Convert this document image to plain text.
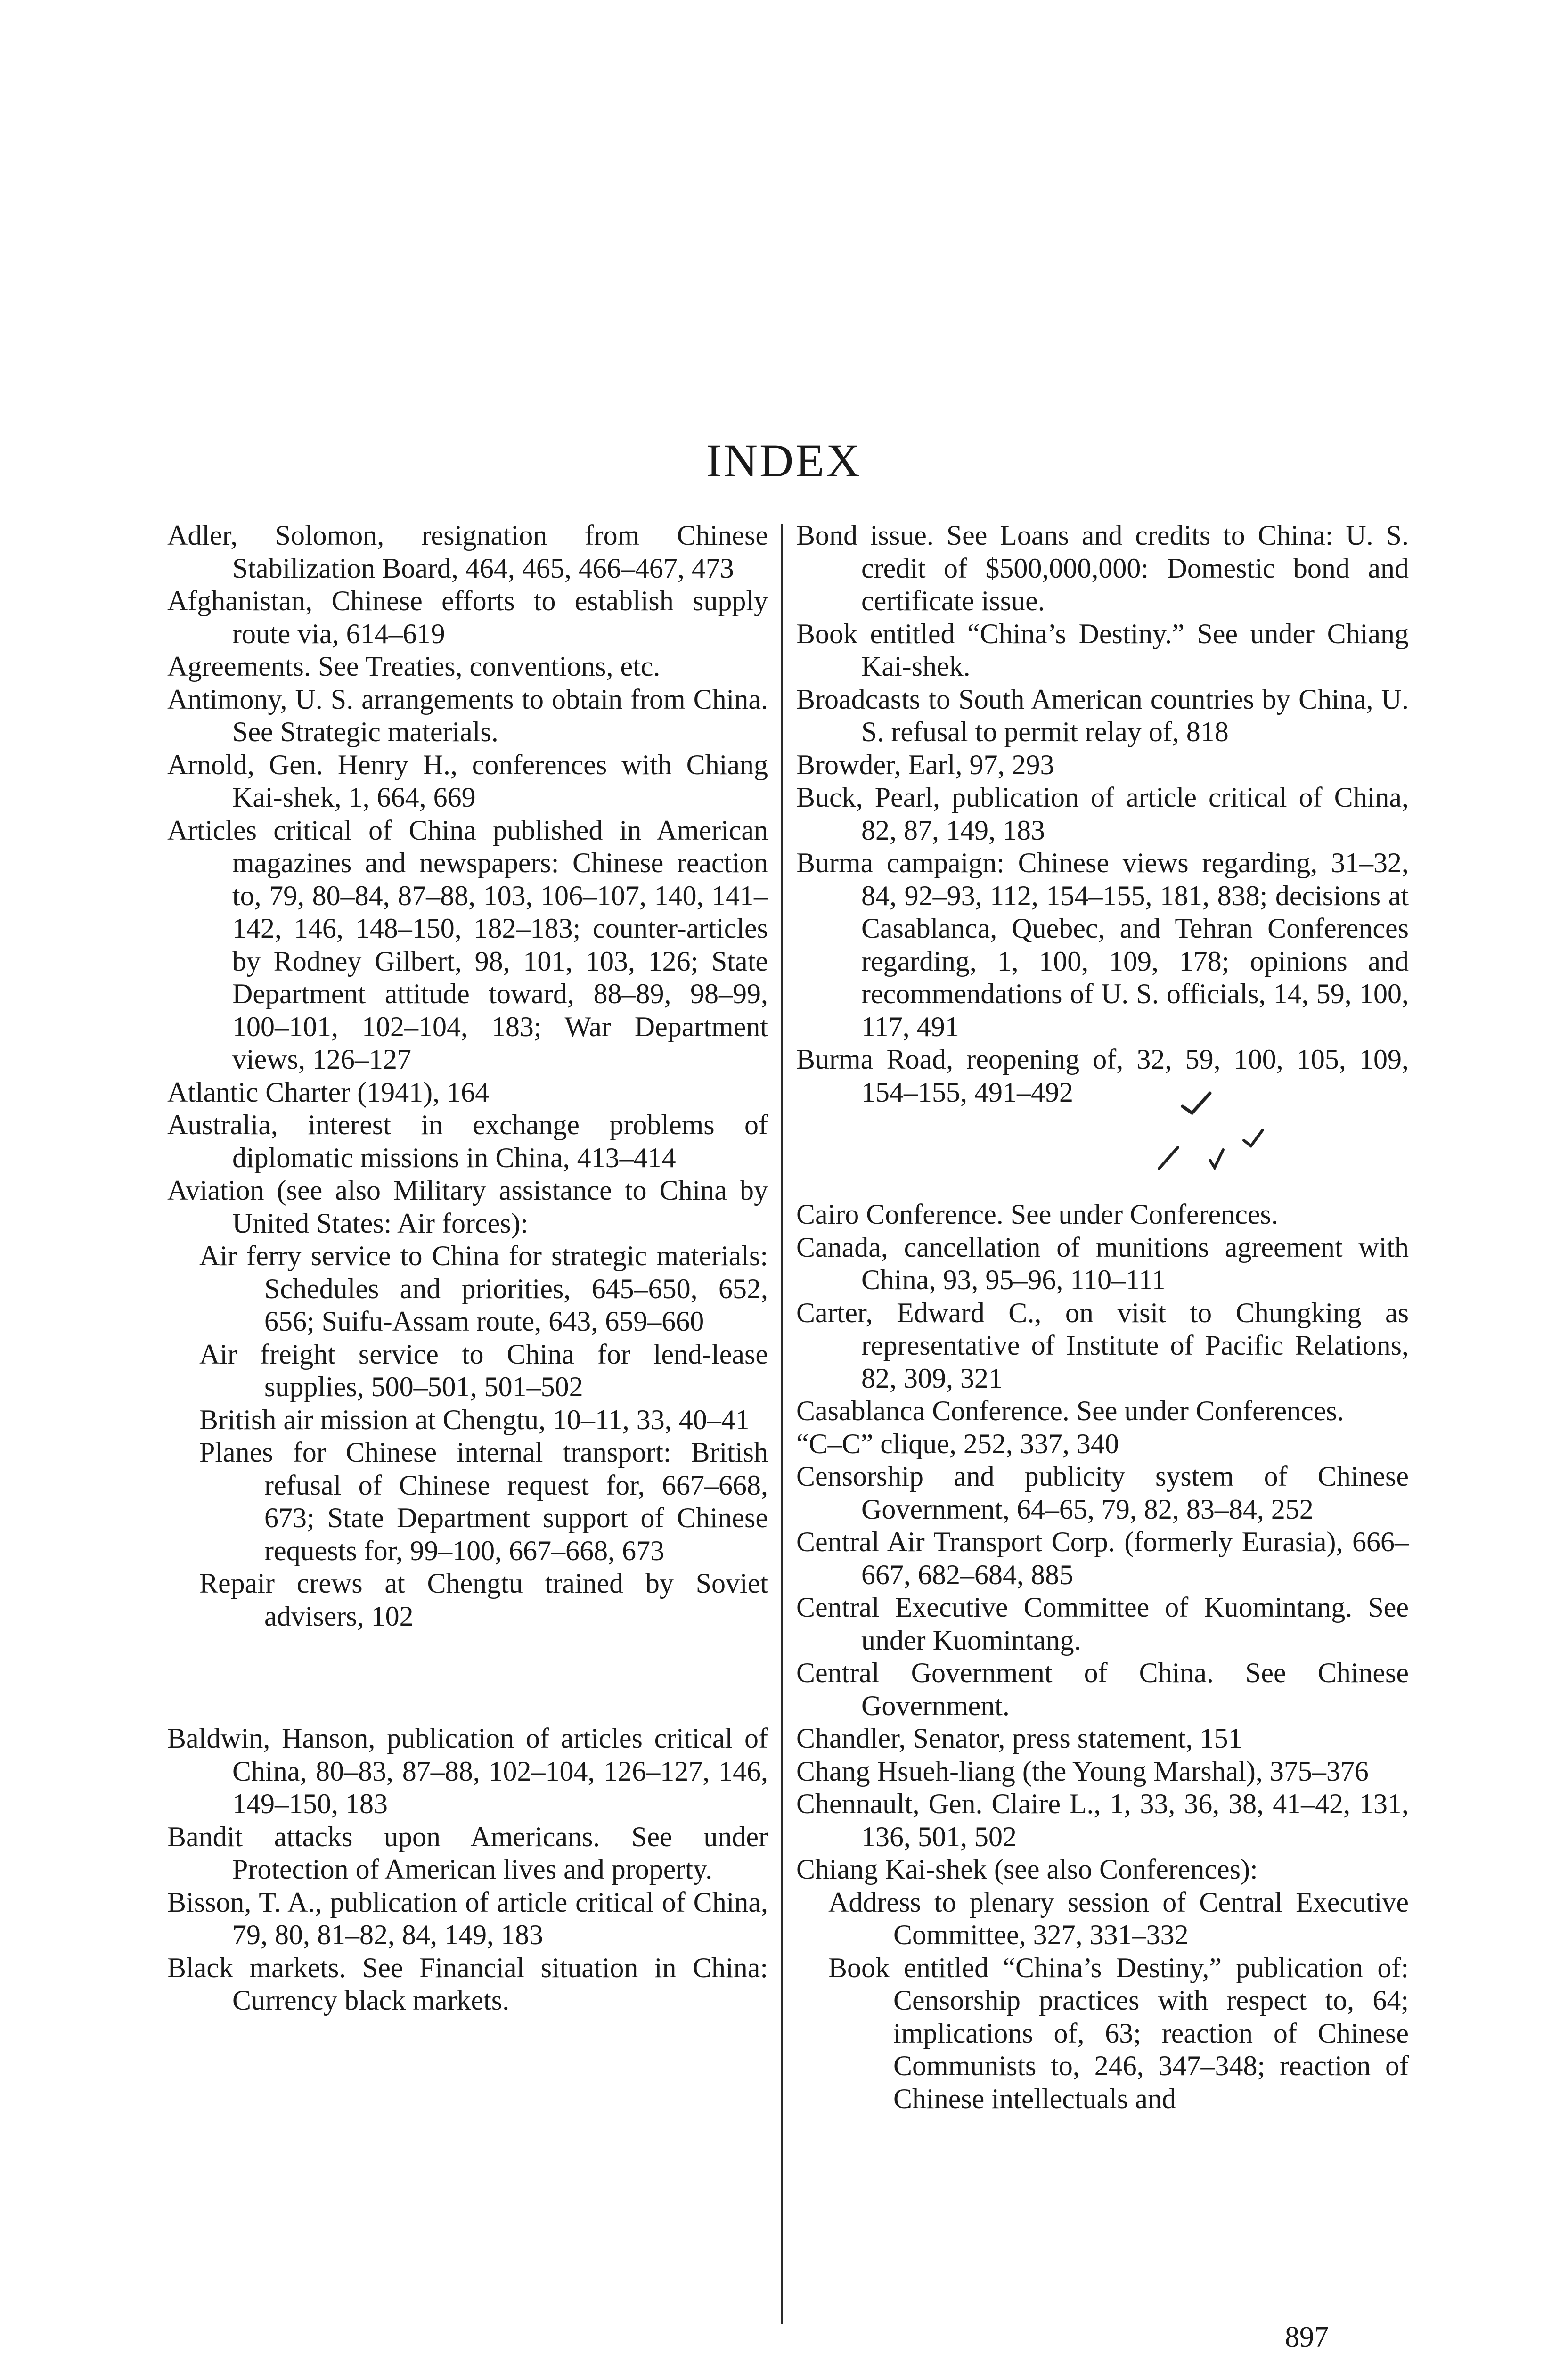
INDEX

Adler, Solomon, resignation from Chinese Stabilization Board, 464, 465, 466–467, 473

Afghanistan, Chinese efforts to establish supply route via, 614–619

Agreements. See Treaties, conventions, etc.

Antimony, U. S. arrangements to obtain from China. See Strategic materials.

Arnold, Gen. Henry H., conferences with Chiang Kai-shek, 1, 664, 669

Articles critical of China published in American magazines and newspapers: Chinese reaction to, 79, 80–84, 87–88, 103, 106–107, 140, 141–142, 146, 148–150, 182–183; counter-articles by Rodney Gilbert, 98, 101, 103, 126; State Department attitude toward, 88–89, 98–99, 100–101, 102–104, 183; War Department views, 126–127

Atlantic Charter (1941), 164

Australia, interest in exchange problems of diplomatic missions in China, 413–414

Aviation (see also Military assistance to China by United States: Air forces):

Air ferry service to China for strategic materials: Schedules and priorities, 645–650, 652, 656; Suifu-Assam route, 643, 659–660

Air freight service to China for lend-lease supplies, 500–501, 501–502

British air mission at Chengtu, 10–11, 33, 40–41

Planes for Chinese internal transport: British refusal of Chinese request for, 667–668, 673; State Department support of Chinese requests for, 99–100, 667–668, 673

Repair crews at Chengtu trained by Soviet advisers, 102

Baldwin, Hanson, publication of articles critical of China, 80–83, 87–88, 102–104, 126–127, 146, 149–150, 183

Bandit attacks upon Americans. See under Protection of American lives and property.

Bisson, T. A., publication of article critical of China, 79, 80, 81–82, 84, 149, 183

Black markets. See Financial situation in China: Currency black markets.

Bond issue. See Loans and credits to China: U. S. credit of $500,000,000: Domestic bond and certificate issue.

Book entitled “China’s Destiny.” See under Chiang Kai-shek.

Broadcasts to South American countries by China, U. S. refusal to permit relay of, 818

Browder, Earl, 97, 293

Buck, Pearl, publication of article critical of China, 82, 87, 149, 183

Burma campaign: Chinese views regarding, 31–32, 84, 92–93, 112, 154–155, 181, 838; decisions at Casablanca, Quebec, and Tehran Conferences regarding, 1, 100, 109, 178; opinions and recommendations of U. S. officials, 14, 59, 100, 117, 491

Burma Road, reopening of, 32, 59, 100, 105, 109, 154–155, 491–492

Cairo Conference. See under Conferences.

Canada, cancellation of munitions agreement with China, 93, 95–96, 110–111

Carter, Edward C., on visit to Chungking as representative of Institute of Pacific Relations, 82, 309, 321

Casablanca Conference. See under Conferences.

“C–C” clique, 252, 337, 340

Censorship and publicity system of Chinese Government, 64–65, 79, 82, 83–84, 252

Central Air Transport Corp. (formerly Eurasia), 666–667, 682–684, 885

Central Executive Committee of Kuomintang. See under Kuomintang.

Central Government of China. See Chinese Government.

Chandler, Senator, press statement, 151

Chang Hsueh-liang (the Young Marshal), 375–376

Chennault, Gen. Claire L., 1, 33, 36, 38, 41–42, 131, 136, 501, 502

Chiang Kai-shek (see also Conferences):

Address to plenary session of Central Executive Committee, 327, 331–332

Book entitled “China’s Destiny,” publication of: Censorship practices with respect to, 64; implications of, 63; reaction of Chinese Communists to, 246, 347–348; reaction of Chinese intellectuals and

897
